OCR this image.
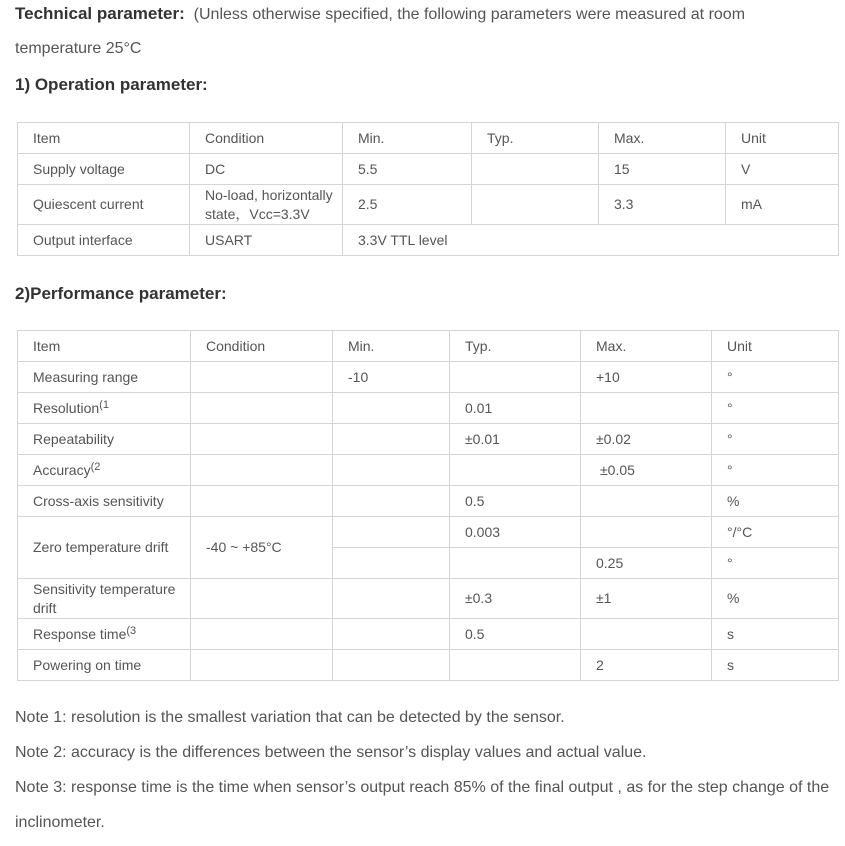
Technical parameter: (Unless otherwise specified, the following parameters were measured at room
temperature 25°C
1) Operation parameter:
Item	Condition	Min.	Typ.	Max.	Unit
Supply voltage	DC	5.5		15	V
Quiescent current	No-load, horizontally state，Vcc=3.3V	2.5		3.3	mA
Output interface	USART	3.3V TTL level			
2)Performance parameter:
Item	Condition	Min.	Typ.	Max.	Unit
Measuring range		-10		+10	°
Resolution$^{(1}$			0.01		°
Repeatability			±0.01	±0.02	°
Accuracy$^{(2}$				±0.05	°
Cross-axis sensitivity			0.5		%
Zero temperature drift	-40 ~ +85°C		0.003		°/°C
				0.25	°
Sensitivity temperature drift			±0.3	±1	%
Response time$^{(3}$			0.5		s
Powering on time				2	s
Note 1: resolution is the smallest variation that can be detected by the sensor.
Note 2: accuracy is the differences between the sensor’s display values and actual value.
Note 3: response time is the time when sensor’s output reach 85% of the final output , as for the step change of the
inclinometer.
